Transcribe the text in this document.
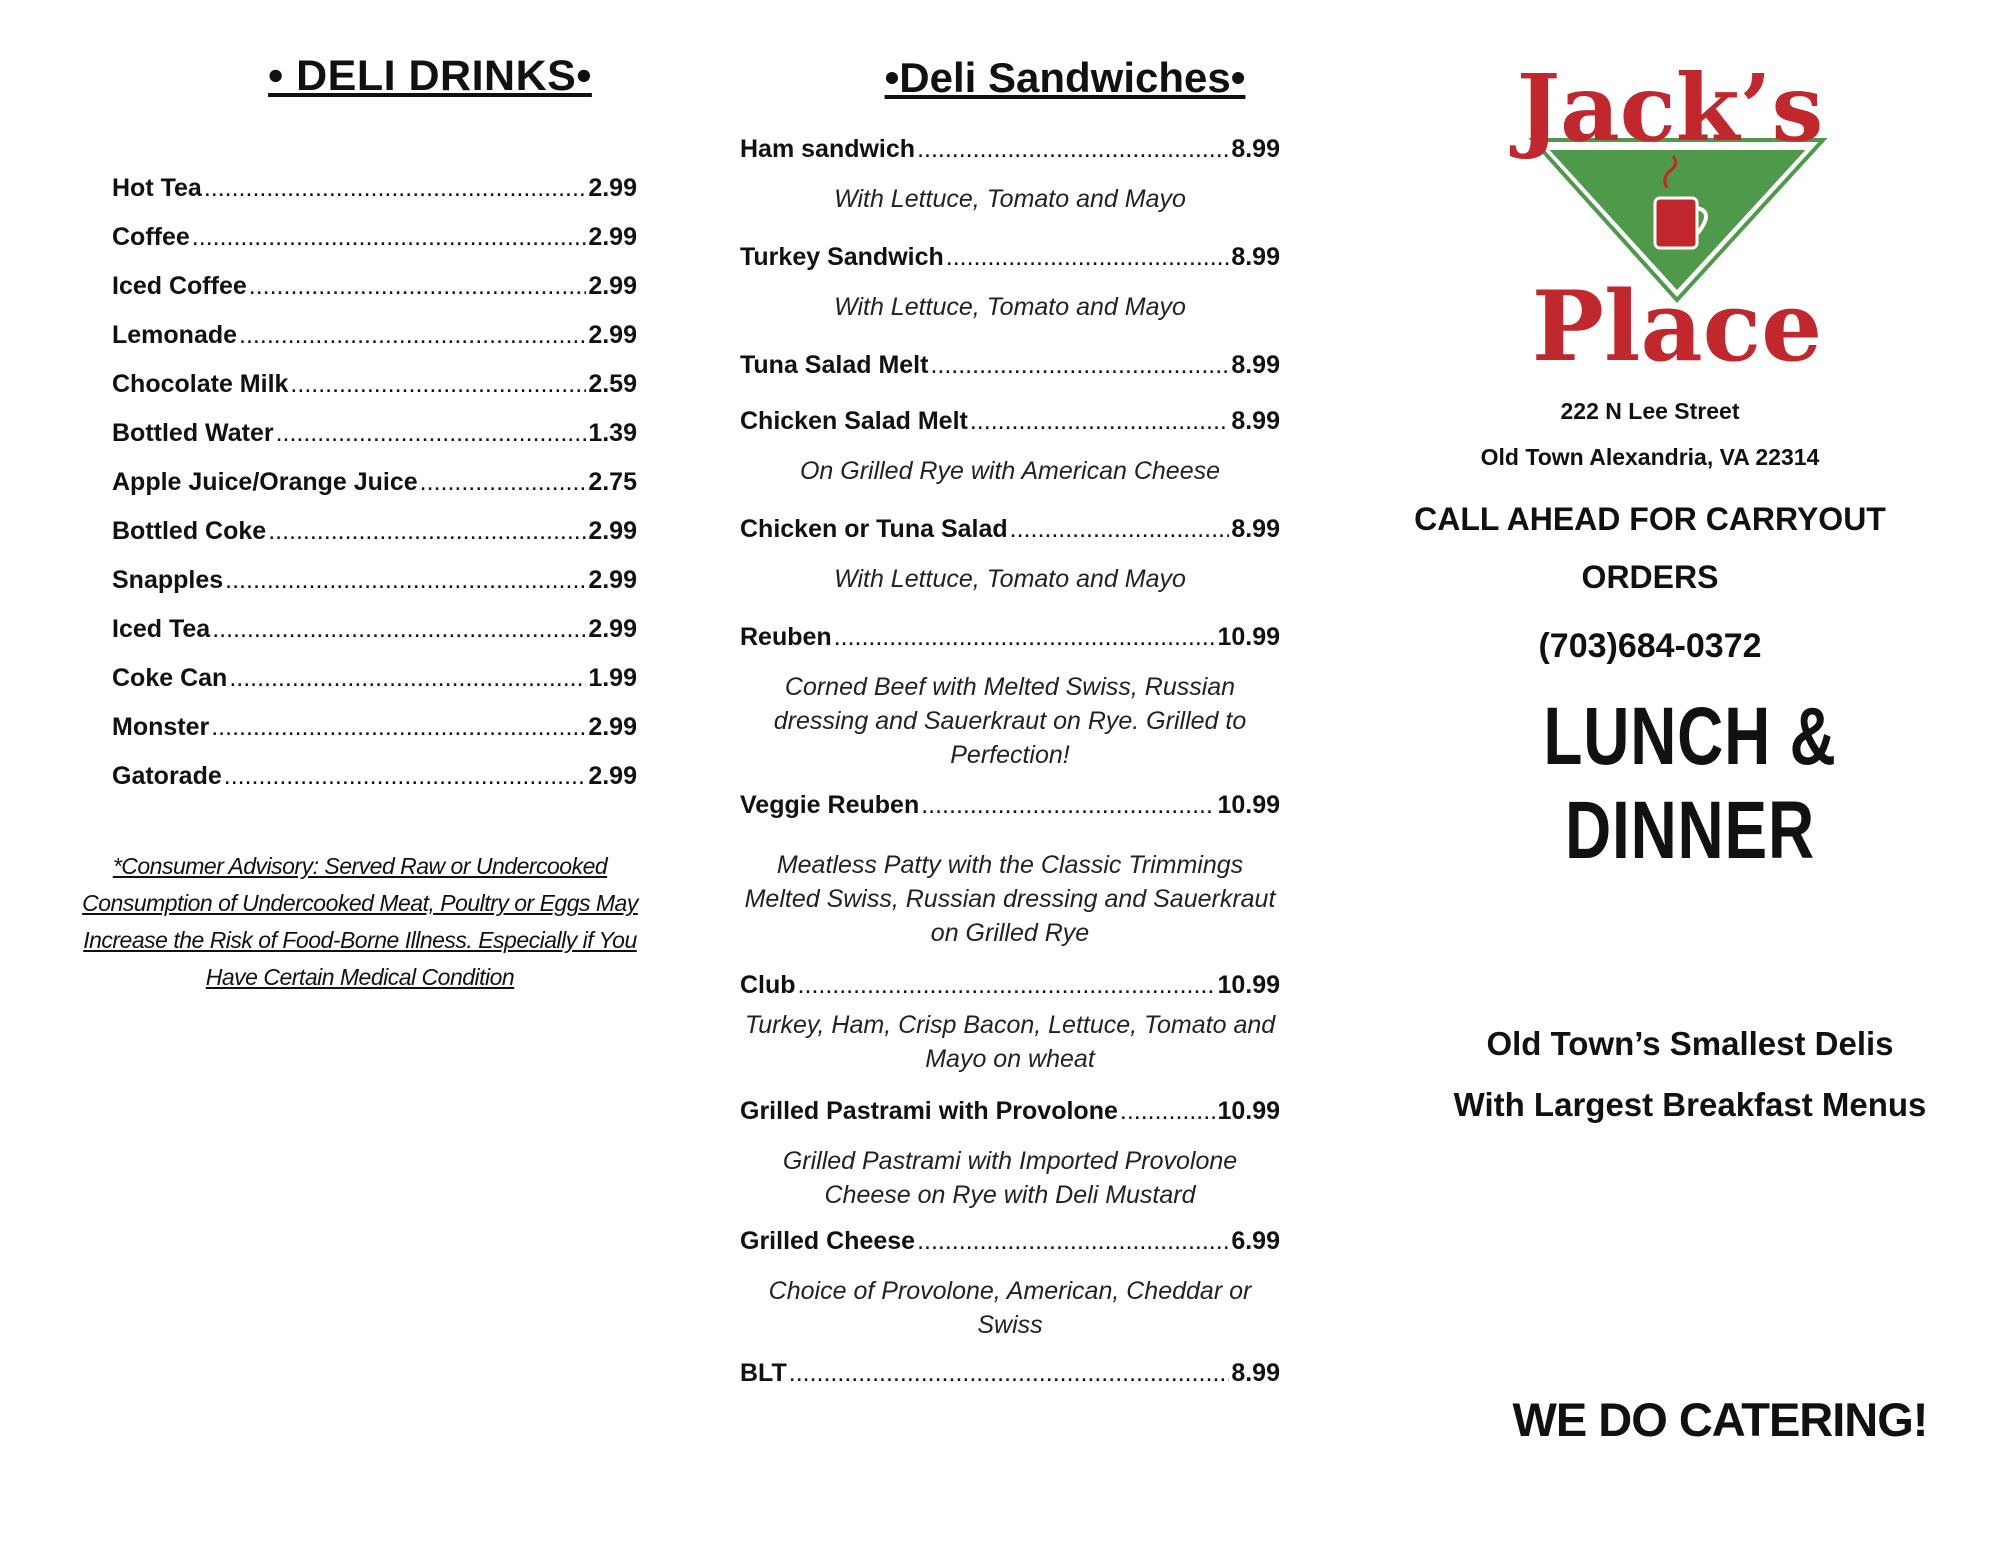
• DELI DRINKS•
Hot Tea .....	2.99
Coffee .....	2.99
Iced Coffee .....	2.99
Lemonade .....	2.99
Chocolate Milk .....	2.59
Bottled Water .....	1.39
Apple Juice/Orange Juice .....	2.75
Bottled Coke .....	2.99
Snapples .....	2.99
Iced Tea .....	2.99
Coke Can .....	1.99
Monster .....	2.99
Gatorade .....	2.99
*Consumer Advisory: Served Raw or Undercooked Consumption of Undercooked Meat, Poultry or Eggs May Increase the Risk of Food-Borne Illness. Especially if You Have Certain Medical Condition
•Deli Sandwiches•
Ham sandwich .....	8.99
With Lettuce, Tomato and Mayo
Turkey Sandwich .....	8.99
With Lettuce, Tomato and Mayo
Tuna Salad Melt .....	8.99
Chicken Salad Melt .....	8.99
On Grilled Rye with American Cheese
Chicken or Tuna Salad .....	8.99
With Lettuce, Tomato and Mayo
Reuben .....	10.99
Corned Beef with Melted Swiss, Russian dressing and Sauerkraut on Rye. Grilled to Perfection!
Veggie Reuben .....	10.99
Meatless Patty with the Classic Trimmings Melted Swiss, Russian dressing and Sauerkraut on Grilled Rye
Club .....	10.99
Turkey, Ham, Crisp Bacon, Lettuce, Tomato and Mayo on wheat
Grilled Pastrami with Provolone .....	10.99
Grilled Pastrami with Imported Provolone Cheese on Rye with Deli Mustard
Grilled Cheese .....	6.99
Choice of Provolone, American, Cheddar or Swiss
BLT .....	8.99
Jack’s
Place
222 N Lee Street
Old Town Alexandria, VA 22314
CALL AHEAD FOR CARRYOUT ORDERS
(703)684-0372
LUNCH & DINNER
Old Town’s Smallest Delis
With Largest Breakfast Menus
WE DO CATERING!
